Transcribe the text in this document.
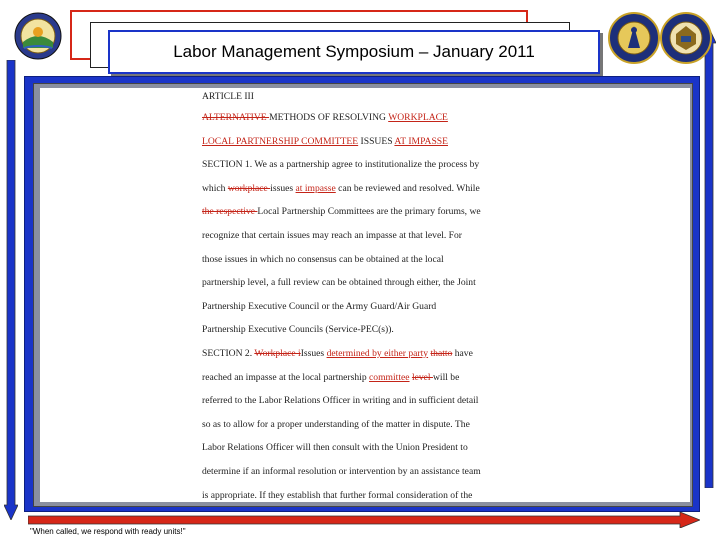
Labor Management Symposium – January 2011
ARTICLE III
ALTERNATIVE METHODS OF RESOLVING WORKPLACE
LOCAL PARTNERSHIP COMMITTEE ISSUES AT IMPASSE
SECTION 1. We as a partnership agree to institutionalize the process by
which workplace issues at impasse can be reviewed and resolved. While
the respective Local Partnership Committees are the primary forums, we
recognize that certain issues may reach an impasse at that level. For
those issues in which no consensus can be obtained at the local
partnership level, a full review can be obtained through either, the Joint
Partnership Executive Council or the Army Guard/Air Guard
Partnership Executive Councils (Service-PEC(s)).
SECTION 2. Workplace iIssues determined by either party thatto have
reached an impasse at the local partnership committee level will be
referred to the Labor Relations Officer in writing and in sufficient detail
so as to allow for a proper understanding of the matter in dispute. The
Labor Relations Officer will then consult with the Union President to
determine if an informal resolution or intervention by an assistance team
is appropriate. If they establish that further formal consideration of the
"When called, we respond with ready units!"
